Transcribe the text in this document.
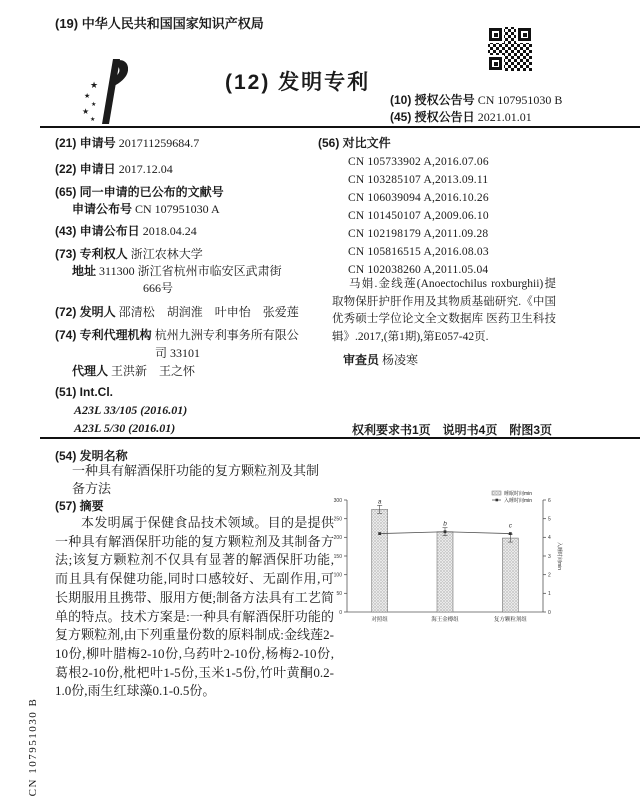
(19) 中华人民共和国国家知识产权局
★
★
★
★
★
(12) 发明专利
(10) 授权公告号 CN 107951030 B
(45) 授权公告日 2021.01.01
(21) 申请号 201711259684.7
(22) 申请日 2017.12.04
(65) 同一申请的已公布的文献号
申请公布号 CN 107951030 A
(43) 申请公布日 2018.04.24
(73) 专利权人 浙江农林大学
地址 311300 浙江省杭州市临安区武肃街
666号
(72) 发明人 邵清松　胡润淮　叶申怡　张爱莲
(74) 专利代理机构 杭州九洲专利事务所有限公
司 33101
代理人 王洪新　王之怀
(51) Int.Cl.
A23L 33/105 (2016.01)
A23L 5/30 (2016.01)
(56) 对比文件
CN 105733902 A,2016.07.06
CN 103285107 A,2013.09.11
CN 106039094 A,2016.10.26
CN 101450107 A,2009.06.10
CN 102198179 A,2011.09.28
CN 105816515 A,2016.08.03
CN 102038260 A,2011.05.04
马娟.金线莲(Anoectochilus roxburghii)提取物保肝护肝作用及其物质基础研究.《中国优秀硕士学位论文全文数据库 医药卫生科技辑》.2017,(第1期),第E057-42页.
审查员 杨凌寒
权利要求书1页　说明书4页　附图3页
(54) 发明名称
一种具有解酒保肝功能的复方颗粒剂及其制备方法
(57) 摘要
本发明属于保健食品技术领域。目的是提供一种具有解酒保肝功能的复方颗粒剂及其制备方法;该复方颗粒剂不仅具有显著的解酒保肝功能,而且具有保健功能,同时口感较好、无副作用,可长期服用且携带、服用方便;制备方法具有工艺简单的特点。技术方案是:一种具有解酒保肝功能的复方颗粒剂,由下列重量份数的原料制成:金线莲2-10份,柳叶腊梅2-10份,乌药叶2-10份,杨梅2-10份,葛根2-10份,枇杷叶1-5份,玉米1-5份,竹叶黄酮0.2-1.0份,雨生红球藻0.1-0.5份。
0
50
100
150
200
250
300
0
1
2
3
4
5
6
a
b	c
对照组	海王金樽组	复方颗粒剂组
睡眠时间min
入睡时间min
入睡时间min
CN 107951030 B
